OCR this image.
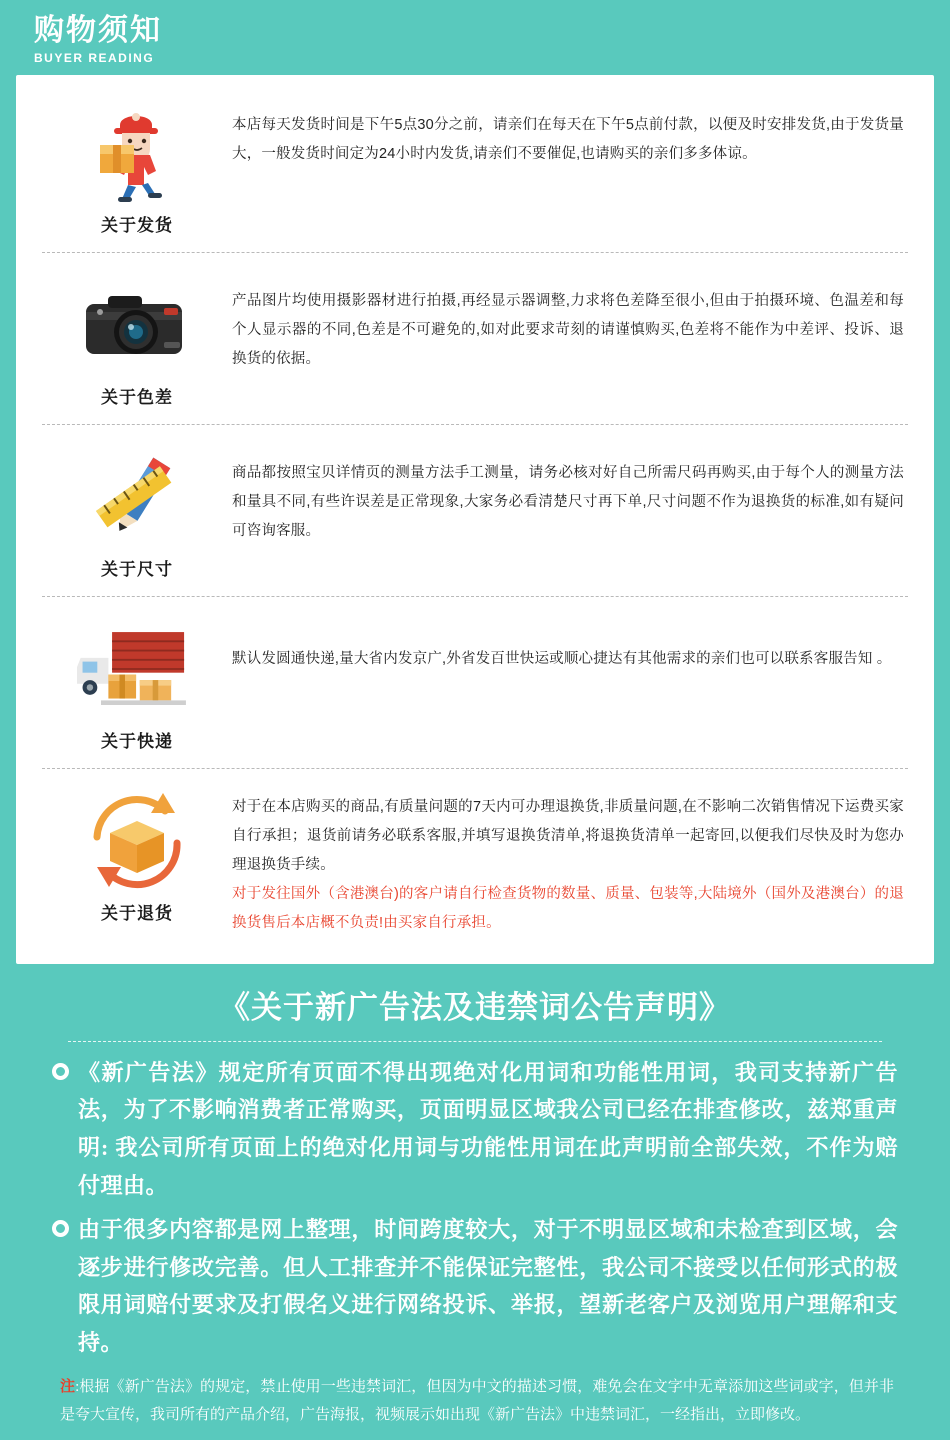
购物须知
BUYER READING
关于发货

本店每天发货时间是下午5点30分之前，请亲们在每天在下午5点前付款，以便及时安排发货,由于发货量大，一般发货时间定为24小时内发货,请亲们不要催促,也请购买的亲们多多体谅。

关于色差

产品图片均使用摄影器材进行拍摄,再经显示器调整,力求将色差降至很小,但由于拍摄环境、色温差和每个人显示器的不同,色差是不可避免的,如对此要求苛刻的请谨慎购买,色差将不能作为中差评、投诉、退换货的依据。

关于尺寸

商品都按照宝贝详情页的测量方法手工测量，请务必核对好自己所需尺码再购买,由于每个人的测量方法和量具不同,有些许误差是正常现象,大家务必看清楚尺寸再下单,尺寸问题不作为退换货的标准,如有疑问可咨询客服。

关于快递

默认发圆通快递,量大省内发京广,外省发百世快运或顺心捷达有其他需求的亲们也可以联系客服告知 。

关于退货

对于在本店购买的商品,有质量问题的7天内可办理退换货,非质量问题,在不影响二次销售情况下运费买家自行承担；退货前请务必联系客服,并填写退换货清单,将退换货清单一起寄回,以便我们尽快及时为您办理退换货手续。

对于发往国外（含港澳台)的客户请自行检查货物的数量、质量、包装等,大陆境外（国外及港澳台）的退换货售后本店概不负责!由买家自行承担。

《关于新广告法及违禁词公告声明》
《新广告法》规定所有页面不得出现绝对化用词和功能性用词，我司支持新广告法，为了不影响消费者正常购买，页面明显区域我公司已经在排查修改，兹郑重声明: 我公司所有页面上的绝对化用词与功能性用词在此声明前全部失效，不作为赔付理由。
由于很多内容都是网上整理，时间跨度较大，对于不明显区域和未检查到区域，会逐步进行修改完善。但人工排查并不能保证完整性，我公司不接受以任何形式的极限用词赔付要求及打假名义进行网络投诉、举报，望新老客户及浏览用户理解和支持。
注:根据《新广告法》的规定，禁止使用一些违禁词汇，但因为中文的描述习惯，难免会在文字中无章添加这些词或字，但并非是夸大宣传，我司所有的产品介绍，广告海报，视频展示如出现《新广告法》中违禁词汇，一经指出，立即修改。
